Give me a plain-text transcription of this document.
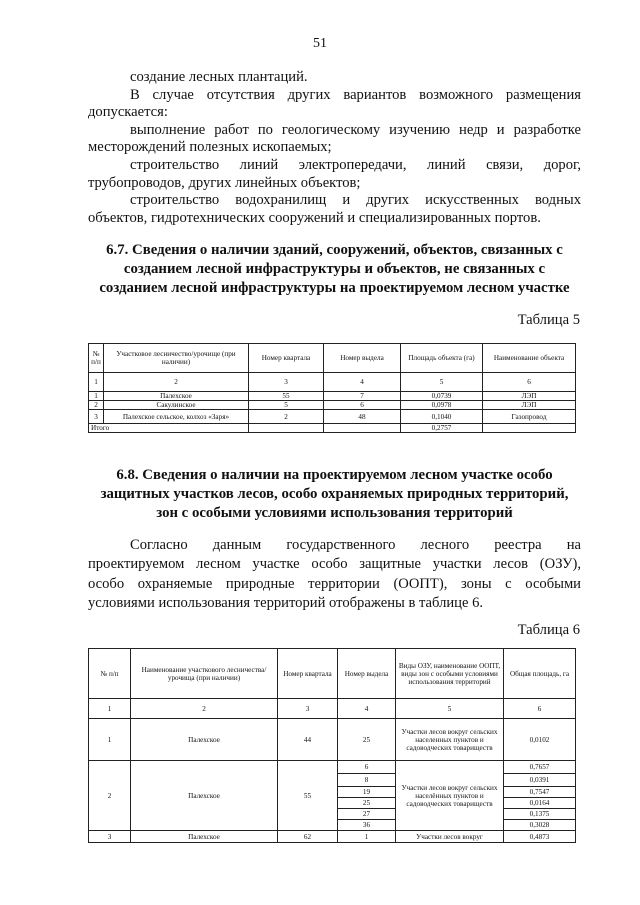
51
создание лесных плантаций.
В случае отсутствия других вариантов возможного размещения
допускается:
выполнение работ по геологическому изучению недр и разработке
месторождений полезных ископаемых;
строительство линий электропередачи, линий связи, дорог,
трубопроводов, других линейных объектов;
строительство водохранилищ и других искусственных водных
объектов, гидротехнических сооружений и специализированных портов.
6.7. Сведения о наличии зданий, сооружений, объектов, связанных с
созданием лесной инфраструктуры и объектов, не связанных с
созданием лесной инфраструктуры на проектируемом лесном участке
Таблица 5
№ п/п	Участковое лесничество/урочище (при наличии)	Номер квартала	Номер выдела	Площадь объекта (га)	Наименование объекта
1	2	3	4	5	6
1	Палехское	55	7	0,0739	ЛЭП
2	Сакулинское	5	6	0,0978	ЛЭП
3	Палехское сельское, колхоз «Заря»	2	48	0,1040	Газопровод
Итого				0,2757	
6.8. Сведения о наличии на проектируемом лесном участке особо
защитных участков лесов, особо охраняемых природных территорий,
зон с особыми условиями использования территорий
Согласно данным государственного лесного реестра на
проектируемом лесном участке особо защитные участки лесов (ОЗУ),
особо охраняемые природные территории (ООПТ), зоны с особыми
условиями использования территорий отображены в таблице 6.
Таблица 6
№ п/п	Наименование участкового лесничества/урочища (при наличии)	Номер квартала	Номер выдела	Виды ОЗУ, наименование ООПТ, виды зон с особыми условиями использования территорий	Общая площадь, га
1	2	3	4	5	6
1	Палехское	44	25	Участки лесов вокруг сельских населенных пунктов и садоводческих товариществ	0,0102
2	Палехское	55	6	Участки лесов вокруг сельских населённых пунктов и садоводческих товариществ	0,7657
			8		0,0391
			19		0,7547
			25		0,0164
			27		0,1375
			36		0,3028
3	Палехское	62	1	Участки лесов вокруг	0,4873
